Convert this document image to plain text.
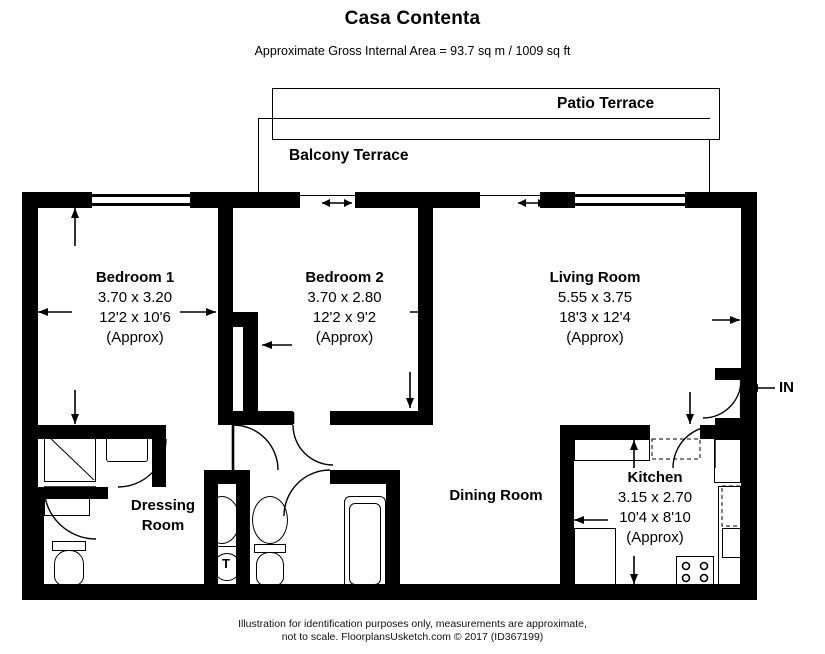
Casa Contenta
Approximate Gross Internal Area = 93.7 sq m / 1009 sq ft
Patio Terrace
Balcony Terrace
T
Bedroom 1
3.70 x 3.20
12'2 x 10'6
(Approx)
Bedroom 2
3.70 x 2.80
12'2 x 9'2
(Approx)
Living Room
5.55 x 3.75
18'3 x 12'4
(Approx)
Kitchen
3.15 x 2.70
10'4 x 8'10
(Approx)
Dressing
Room
Dining Room
IN
Illustration for identification purposes only, measurements are approximate,
not to scale. FloorplansUsketch.com © 2017 (ID367199)
